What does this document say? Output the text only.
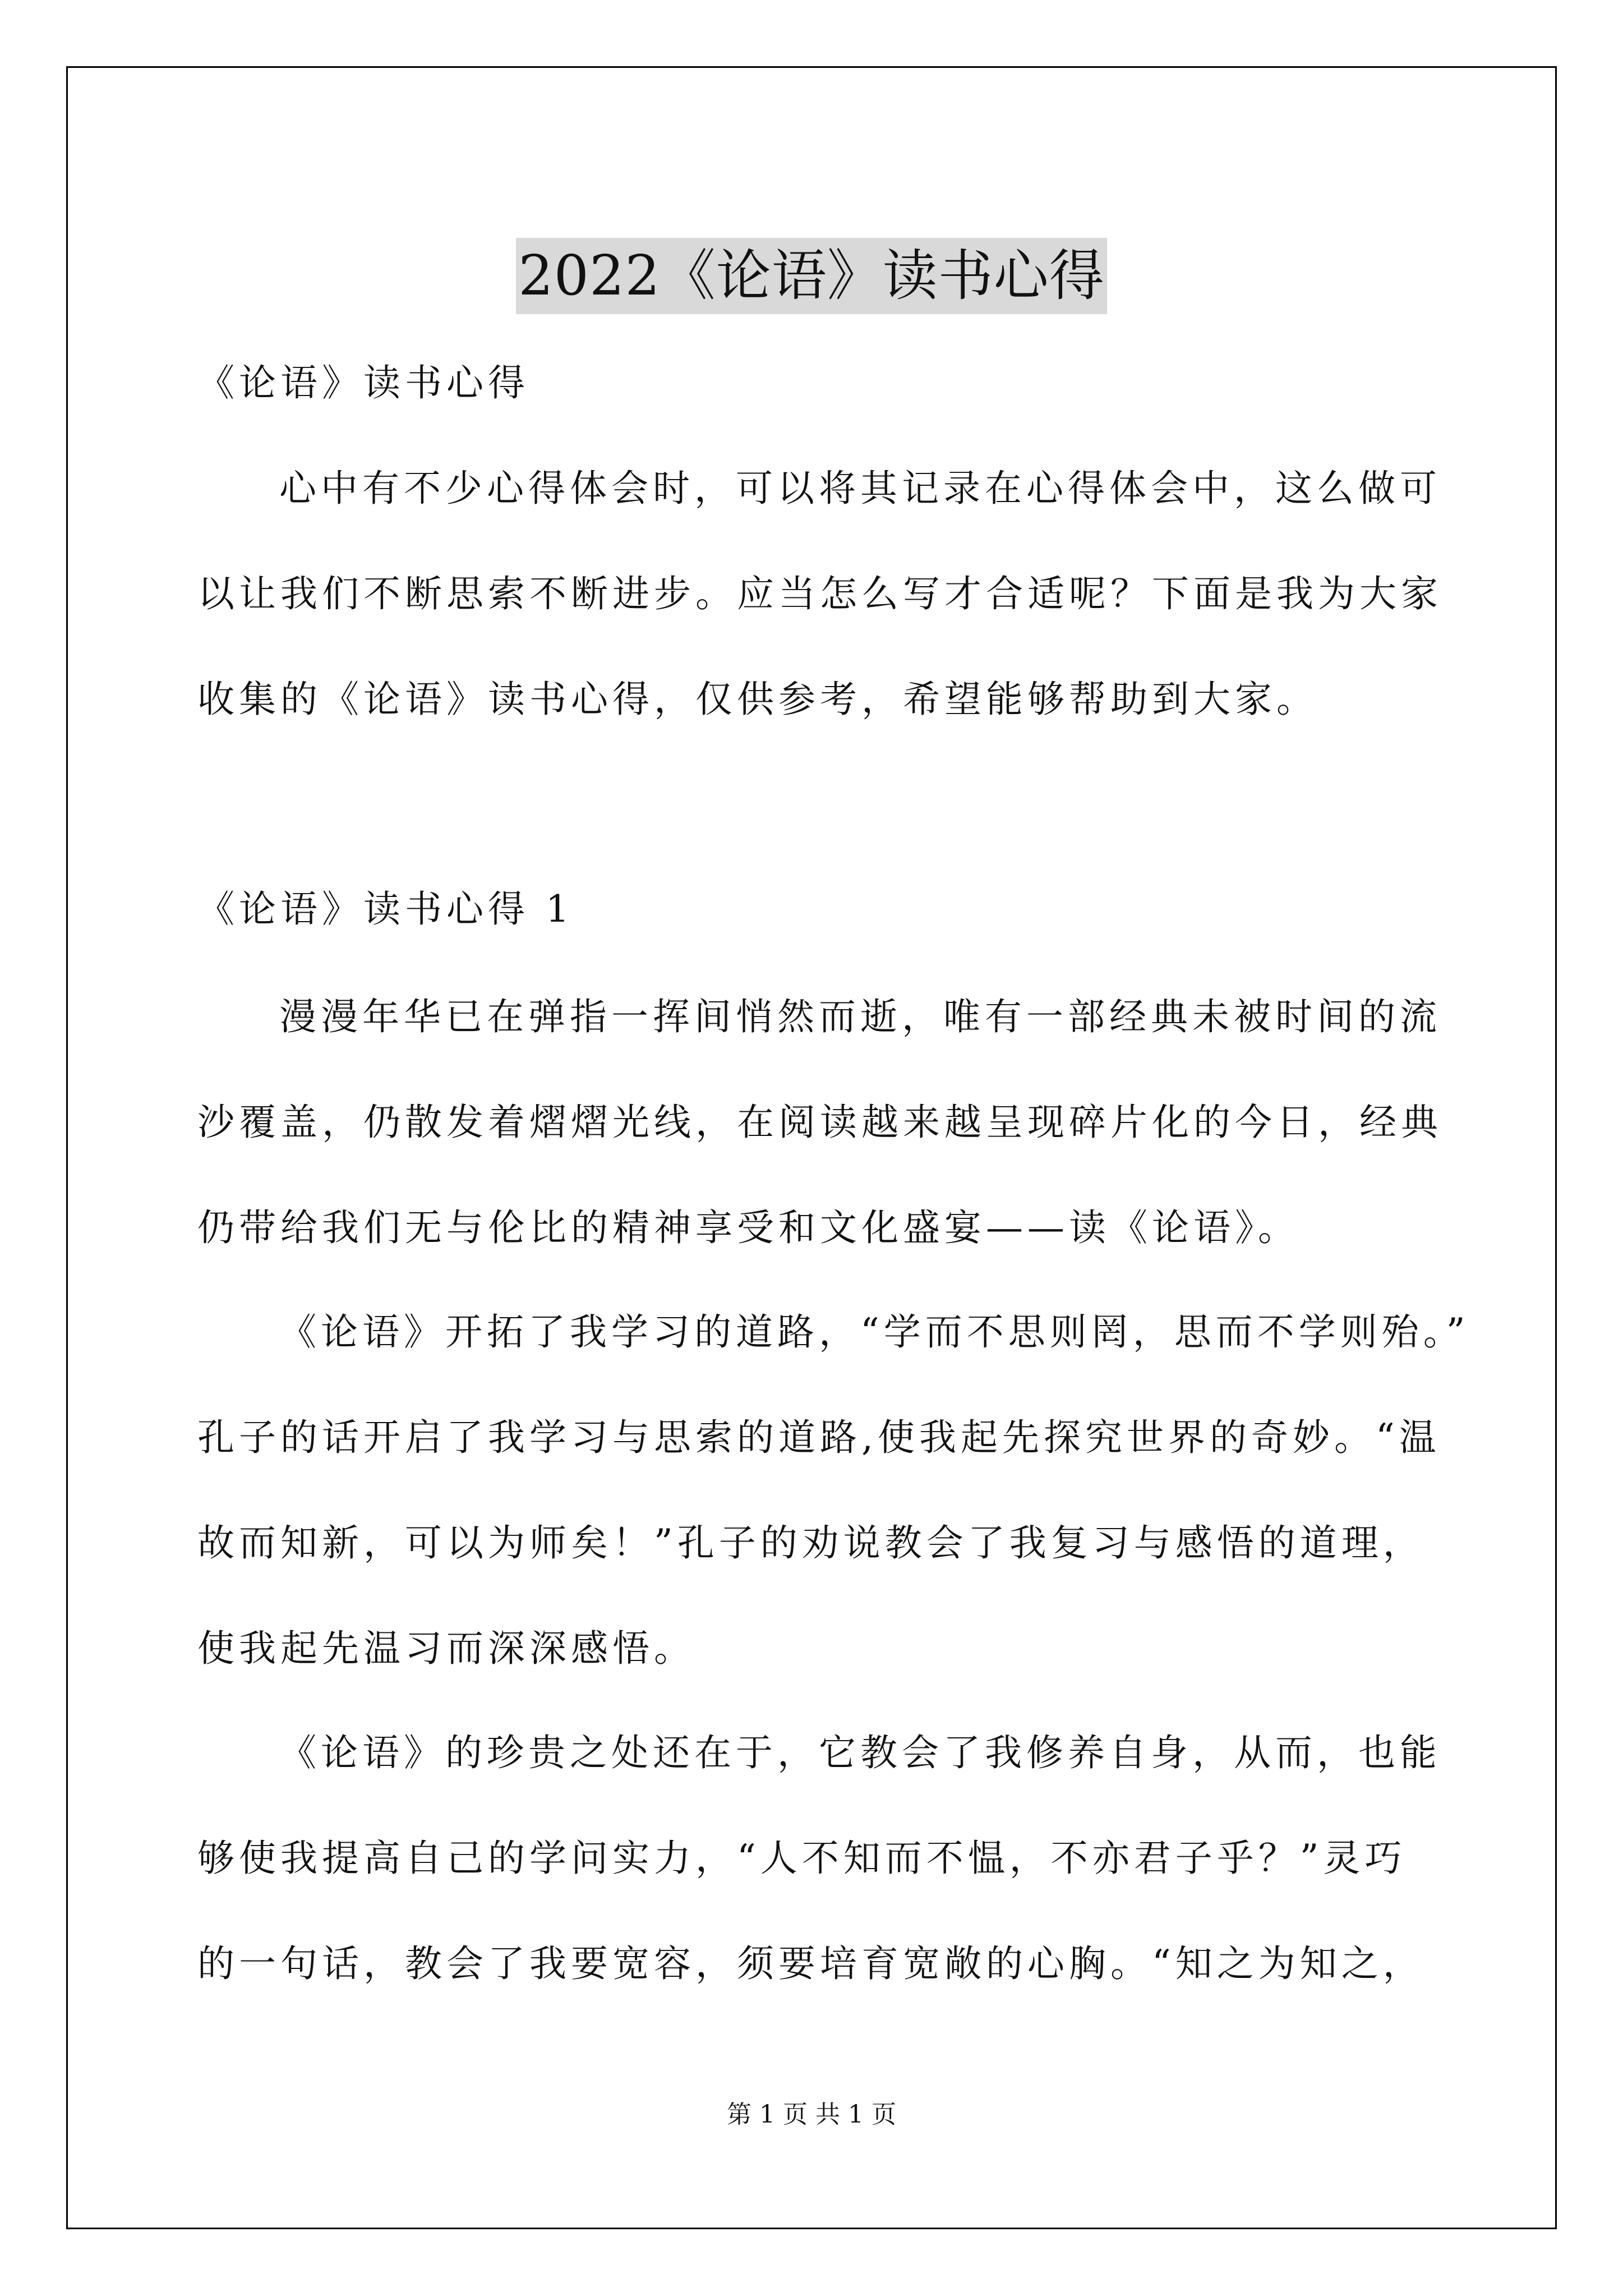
2022《论语》读书心得
《论语》读书心得
心中有不少心得体会时，可以将其记录在心得体会中，这么做可
以让我们不断思索不断进步。应当怎么写才合适呢？下面是我为大家
收集的《论语》读书心得，仅供参考，希望能够帮助到大家。
《论语》读书心得 1
漫漫年华已在弹指一挥间悄然而逝，唯有一部经典未被时间的流
沙覆盖，仍散发着熠熠光线，在阅读越来越呈现碎片化的今日，经典
仍带给我们无与伦比的精神享受和文化盛宴——读《论语》。
《论语》开拓了我学习的道路，“学而不思则罔，思而不学则殆。”
孔子的话开启了我学习与思索的道路,使我起先探究世界的奇妙。“温
故而知新，可以为师矣！”孔子的劝说教会了我复习与感悟的道理，
使我起先温习而深深感悟。
《论语》的珍贵之处还在于，它教会了我修养自身，从而，也能
够使我提高自己的学问实力，“人不知而不愠，不亦君子乎？”灵巧
的一句话，教会了我要宽容，须要培育宽敞的心胸。“知之为知之，
第 1 页 共 1 页
